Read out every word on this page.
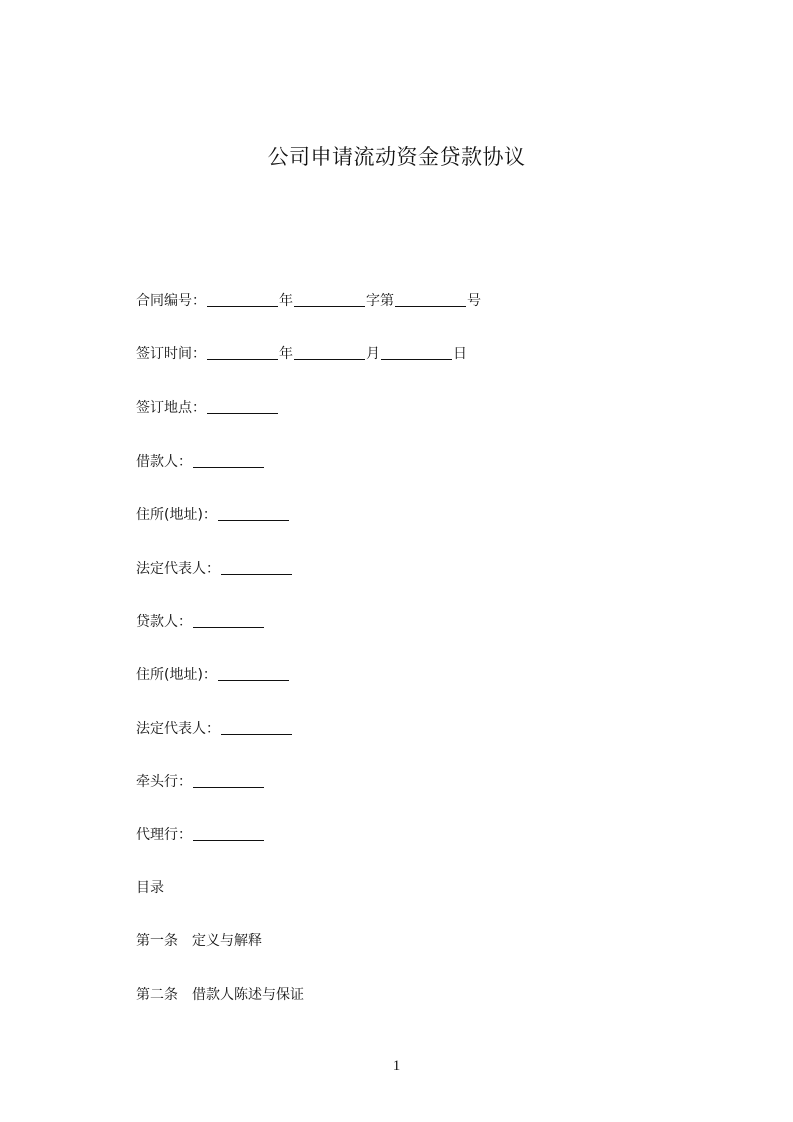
公司申请流动资金贷款协议
合同编号：	年	字第	号
签订时间：	年	月	日
签订地点：
借款人：
住所(地址)：
法定代表人：
贷款人：
住所(地址)：
法定代表人：
牵头行：
代理行：
目录
第一条 定义与解释
第二条 借款人陈述与保证
1
